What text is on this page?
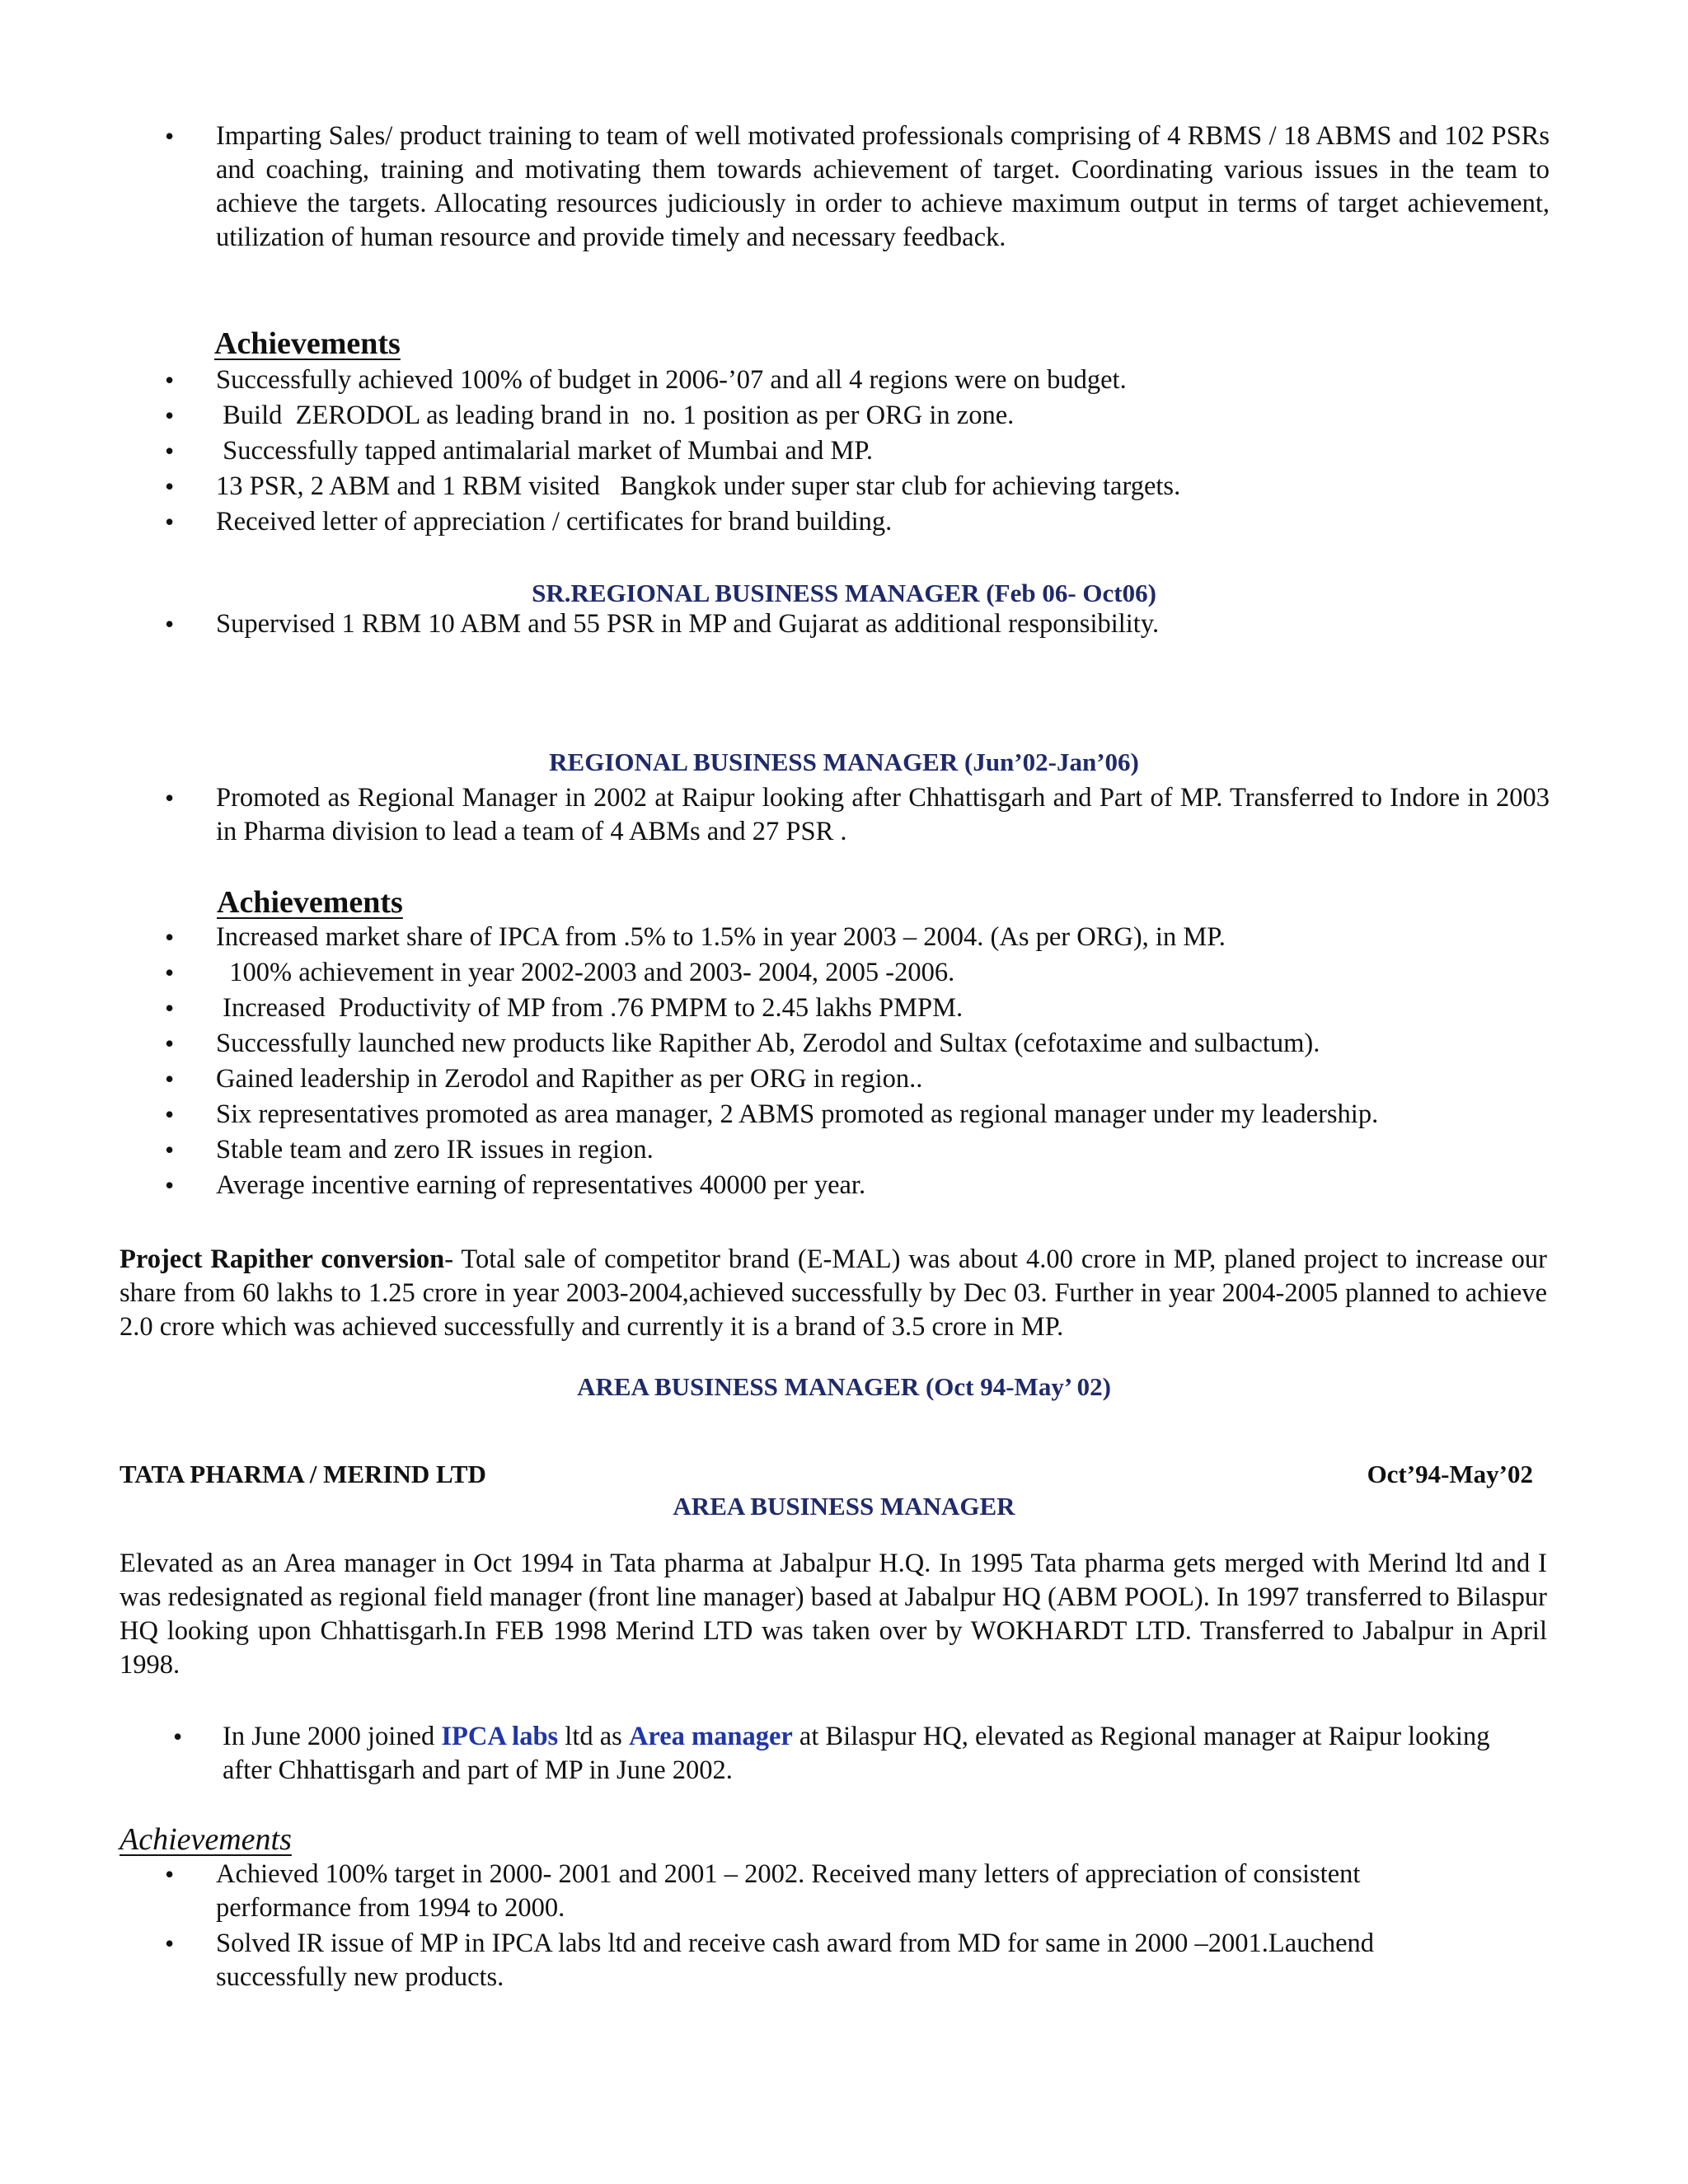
• Imparting Sales/ product training to team of well motivated professionals comprising of 4 RBMS / 18 ABMS and 102 PSRs and coaching, training and motivating them towards achievement of target. Coordinating various issues in the team to achieve the targets. Allocating resources judiciously in order to achieve maximum output in terms of target achievement, utilization of human resource and provide timely and necessary feedback.
Achievements
• Successfully achieved 100% of budget in 2006-’07 and all 4 regions were on budget.
• Build  ZERODOL as leading brand in  no. 1 position as per ORG in zone.
• Successfully tapped antimalarial market of Mumbai and MP.
• 13 PSR, 2 ABM and 1 RBM visited   Bangkok under super star club for achieving targets.
• Received letter of appreciation / certificates for brand building.
SR.REGIONAL BUSINESS MANAGER (Feb 06- Oct06)
• Supervised 1 RBM 10 ABM and 55 PSR in MP and Gujarat as additional responsibility.
REGIONAL BUSINESS MANAGER (Jun’02-Jan’06)
• Promoted as Regional Manager in 2002 at Raipur looking after Chhattisgarh and Part of MP. Transferred to Indore in 2003 in Pharma division to lead a team of 4 ABMs and 27 PSR .
Achievements
• Increased market share of IPCA from .5% to 1.5% in year 2003 – 2004. (As per ORG), in MP.
• 100% achievement in year 2002-2003 and 2003- 2004, 2005 -2006.
• Increased  Productivity of MP from .76 PMPM to 2.45 lakhs PMPM.
• Successfully launched new products like Rapither Ab, Zerodol and Sultax (cefotaxime and sulbactum).
• Gained leadership in Zerodol and Rapither as per ORG in region..
• Six representatives promoted as area manager, 2 ABMS promoted as regional manager under my leadership.
• Stable team and zero IR issues in region.
• Average incentive earning of representatives 40000 per year.
Project Rapither conversion- Total sale of competitor brand (E-MAL) was about 4.00 crore in MP, planed project to increase our share from 60 lakhs to 1.25 crore in year 2003-2004,achieved successfully by Dec 03. Further in year 2004-2005 planned to achieve 2.0 crore which was achieved successfully and currently it is a brand of 3.5 crore in MP.
AREA BUSINESS MANAGER (Oct 94-May’ 02)
TATA PHARMA / MERIND LTD	Oct’94-May’02
AREA BUSINESS MANAGER
Elevated as an Area manager in Oct 1994 in Tata pharma at Jabalpur H.Q. In 1995 Tata pharma gets merged with Merind ltd and I was redesignated as regional field manager (front line manager) based at Jabalpur HQ (ABM POOL). In 1997 transferred to Bilaspur HQ looking upon Chhattisgarh.In FEB 1998 Merind LTD was taken over by WOKHARDT LTD. Transferred to Jabalpur in April 1998.
• In June 2000 joined IPCA labs ltd as Area manager at Bilaspur HQ, elevated as Regional manager at Raipur looking after Chhattisgarh and part of MP in June 2002.
Achievements
• Achieved 100% target in 2000- 2001 and 2001 – 2002. Received many letters of appreciation of consistent performance from 1994 to 2000.
• Solved IR issue of MP in IPCA labs ltd and receive cash award from MD for same in 2000 –2001.Lauchend successfully new products.
